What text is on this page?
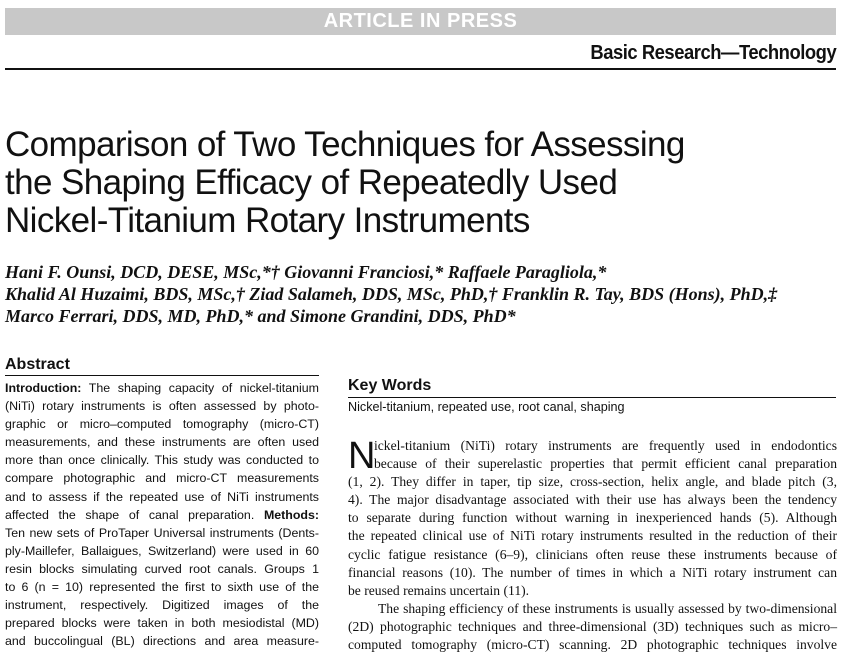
ARTICLE IN PRESS
Basic Research—Technology
Comparison of Two Techniques for Assessing
the Shaping Efficacy of Repeatedly Used
Nickel-Titanium Rotary Instruments
Hani F. Ounsi, DCD, DESE, MSc,*† Giovanni Franciosi,* Raffaele Paragliola,*
Khalid Al Huzaimi, BDS, MSc,† Ziad Salameh, DDS, MSc, PhD,† Franklin R. Tay, BDS (Hons), PhD,‡
Marco Ferrari, DDS, MD, PhD,* and Simone Grandini, DDS, PhD*
Abstract
Introduction: The shaping capacity of nickel-titanium
(NiTi) rotary instruments is often assessed by photo-
graphic or micro–computed tomography (micro-CT)
measurements, and these instruments are often used
more than once clinically. This study was conducted to
compare photographic and micro-CT measurements
and to assess if the repeated use of NiTi instruments
affected the shape of canal preparation. Methods:
Ten new sets of ProTaper Universal instruments (Dents-
ply-Maillefer, Ballaigues, Switzerland) were used in 60
resin blocks simulating curved root canals. Groups 1
to 6 (n = 10) represented the first to sixth use of the
instrument, respectively. Digitized images of the
prepared blocks were taken in both mesiodistal (MD)
and buccolingual (BL) directions and area measure-
Key Words
Nickel-titanium, repeated use, root canal, shaping
N
ickel-titanium (NiTi) rotary instruments are frequently used in endodontics
because of their superelastic properties that permit efficient canal preparation
(1, 2). They differ in taper, tip size, cross-section, helix angle, and blade pitch (3,
4). The major disadvantage associated with their use has always been the tendency
to separate during function without warning in inexperienced hands (5). Although
the repeated clinical use of NiTi rotary instruments resulted in the reduction of their
cyclic fatigue resistance (6–9), clinicians often reuse these instruments because of
financial reasons (10). The number of times in which a NiTi rotary instrument can
be reused remains uncertain (11).
The shaping efficiency of these instruments is usually assessed by two-dimensional
(2D) photographic techniques and three-dimensional (3D) techniques such as micro–
computed tomography (micro-CT) scanning. 2D photographic techniques involve
